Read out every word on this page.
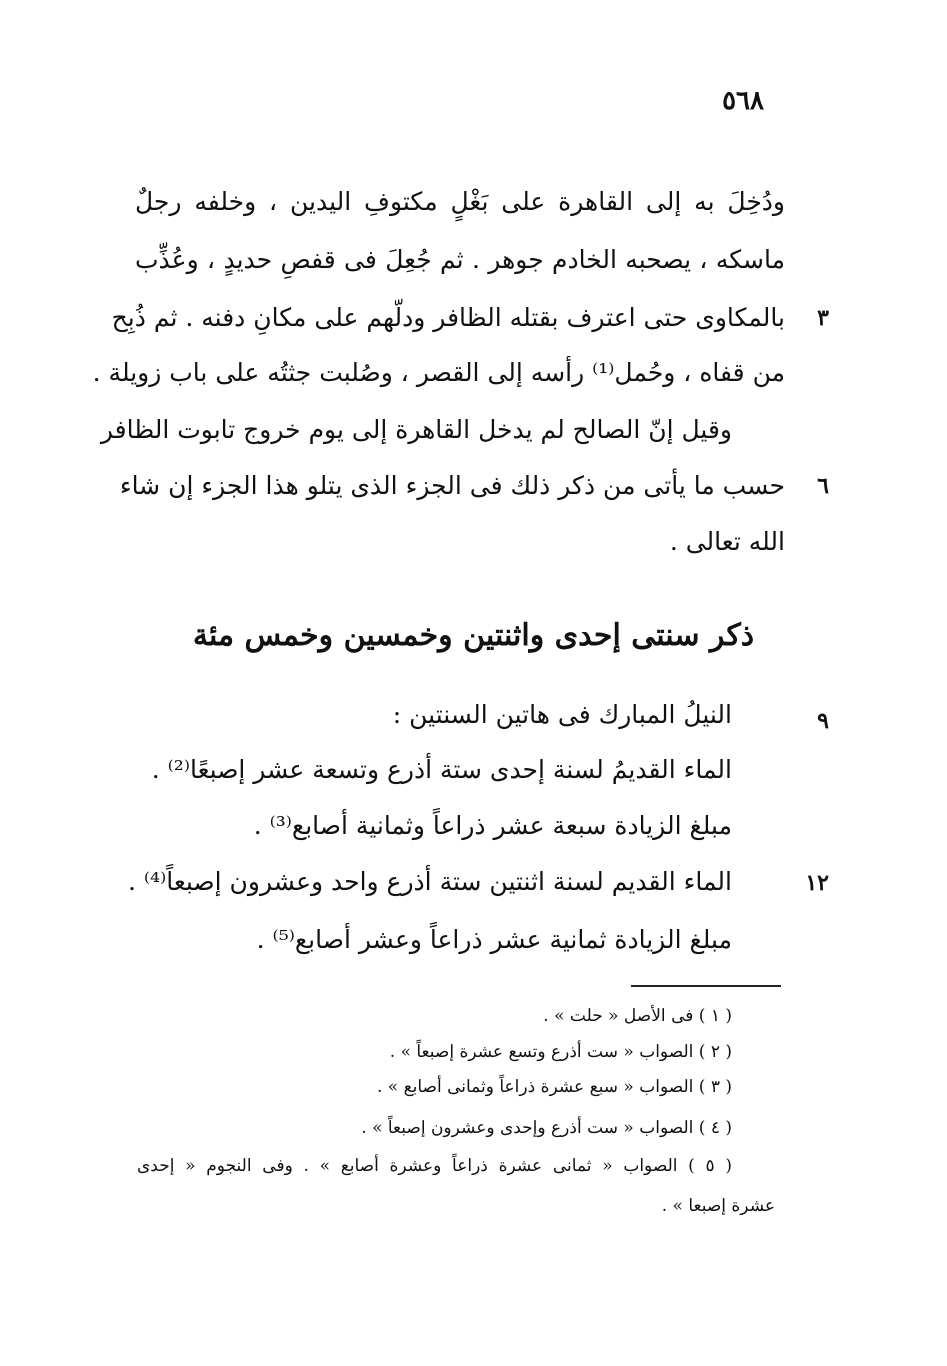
٥٦٨
ودُخِلَ به إلى القاهرة على بَغْلٍ مكتوفِ اليدين ، وخلفه رجلٌ
ماسكه ، يصحبه الخادم جوهر . ثم جُعِلَ فى قفصِ حديدٍ ، وعُذِّب
بالمكاوى حتى اعترف بقتله الظافر ودلّهم على مكانِ دفنه . ثم ذُبِح ٣
من قفاه ، وحُمل⁽¹⁾ رأسه إلى القصر ، وصُلبت جثتُه على باب زويلة .
وقيل إنّ الصالح لم يدخل القاهرة إلى يوم خروج تابوت الظافر
حسب ما يأتى من ذكر ذلك فى الجزء الذى يتلو هذا الجزء إن شاء ٦
الله تعالى .
ذكر سنتى إحدى واثنتين وخمسين وخمس مئة
النيلُ المبارك فى هاتين السنتين :	٩
الماء القديمُ لسنة إحدى ستة أذرع وتسعة عشر إصبعًا⁽²⁾ .
مبلغ الزيادة سبعة عشر ذراعاً وثمانية أصابع⁽³⁾ .
الماء القديم لسنة اثنتين ستة أذرع واحد وعشرون إصبعاً⁽⁴⁾ .	١٢
مبلغ الزيادة ثمانية عشر ذراعاً وعشر أصابع⁽⁵⁾ .
( ١ ) فى الأصل « حلت » .
( ٢ ) الصواب « ست أذرع وتسع عشرة إصبعاً » .
( ٣ ) الصواب « سبع عشرة ذراعاً وثمانى أصابع » .
( ٤ ) الصواب « ست أذرع وإحدى وعشرون إصبعاً » .
( ٥ ) الصواب « ثمانى عشرة ذراعاً وعشرة أصابع » . وفى النجوم « إحدى
عشرة إصبعا » .
